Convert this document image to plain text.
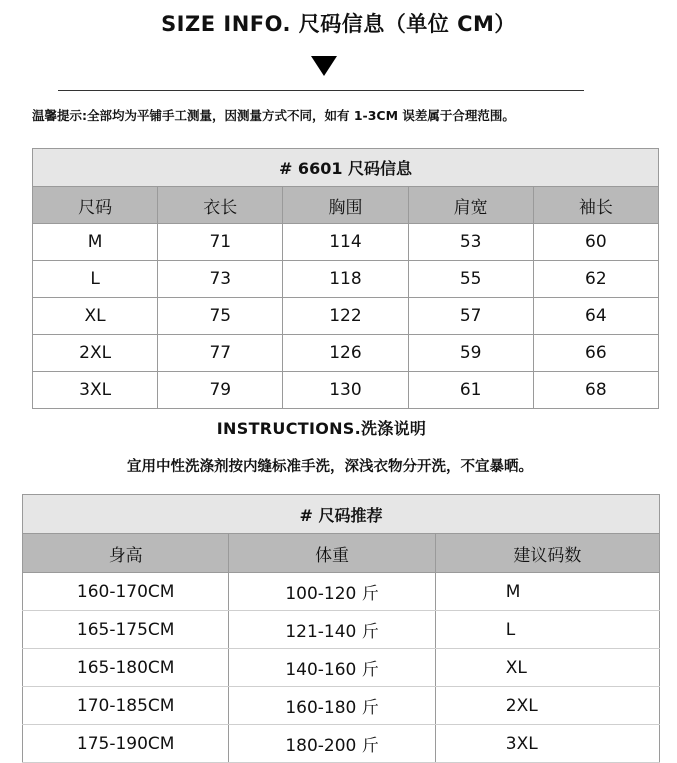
SIZE INFO. 尺码信息（单位 CM）
温馨提示:全部均为平铺手工测量，因测量方式不同，如有 1-3CM 误差属于合理范围。
# 6601 尺码信息				
尺码	衣长	胸围	肩宽	袖长
M	71	114	53	60
L	73	118	55	62
XL	75	122	57	64
2XL	77	126	59	66
3XL	79	130	61	68
INSTRUCTIONS.洗涤说明
宜用中性洗涤剂按内缝标准手洗，深浅衣物分开洗，不宜暴晒。
# 尺码推荐		
身高	体重	建议码数
160-170CM	100-120 斤	M
165-175CM	121-140 斤	L
165-180CM	140-160 斤	XL
170-185CM	160-180 斤	2XL
175-190CM	180-200 斤	3XL
